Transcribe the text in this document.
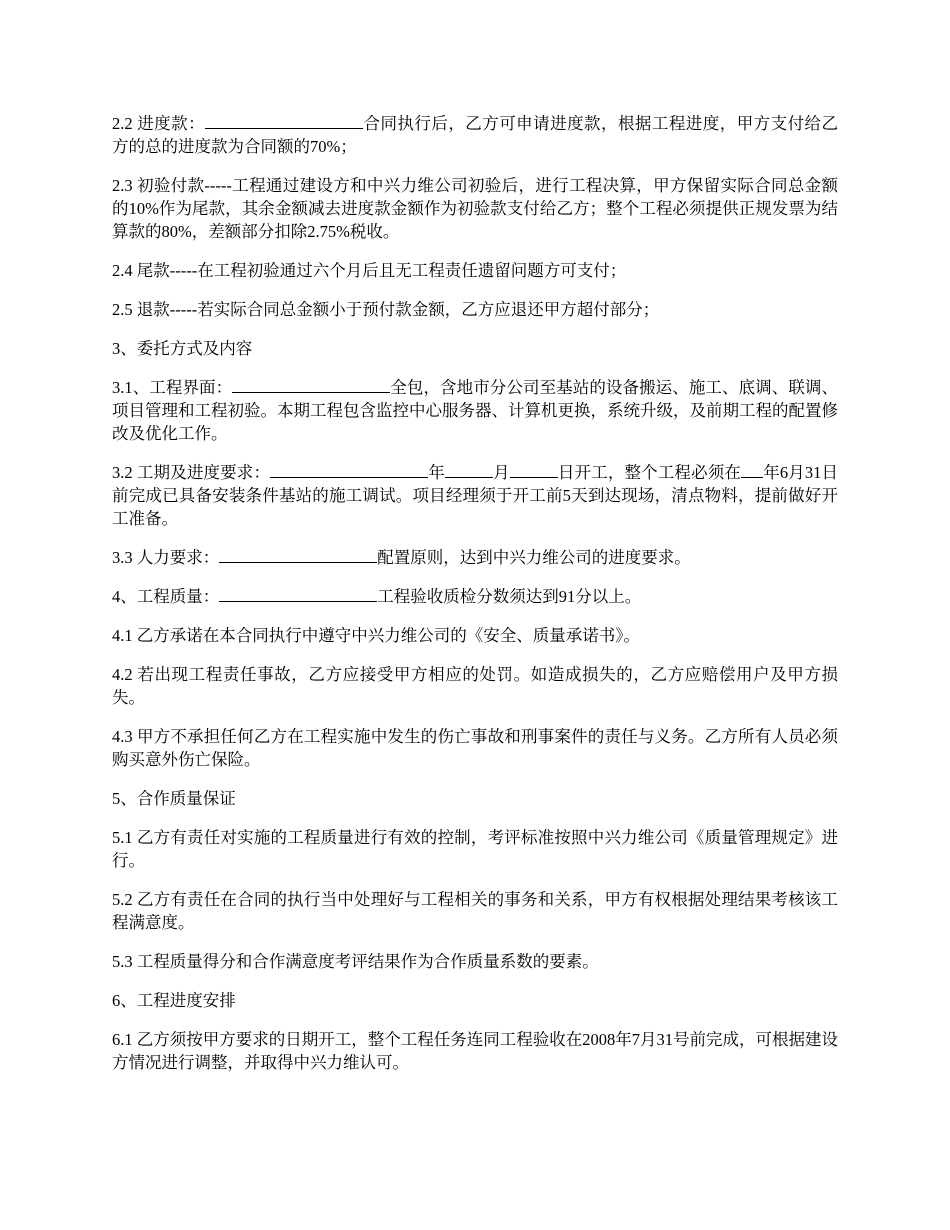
2.2 进度款：	合同执行后，乙方可申请进度款，根据工程进度，甲方支付给乙方的总的进度款为合同额的70%；

2.3 初验付款-----工程通过建设方和中兴力维公司初验后，进行工程决算，甲方保留实际合同总金额的10%作为尾款，其余金额减去进度款金额作为初验款支付给乙方；整个工程必须提供正规发票为结算款的80%，差额部分扣除2.75%税收。

2.4 尾款-----在工程初验通过六个月后且无工程责任遗留问题方可支付；

2.5 退款-----若实际合同总金额小于预付款金额，乙方应退还甲方超付部分；

3、委托方式及内容

3.1、工程界面：	全包，含地市分公司至基站的设备搬运、施工、底调、联调、项目管理和工程初验。本期工程包含监控中心服务器、计算机更换，系统升级，及前期工程的配置修改及优化工作。

3.2 工期及进度要求：	年	月	日开工，整个工程必须在 年6月31日前完成已具备安装条件基站的施工调试。项目经理须于开工前5天到达现场，清点物料，提前做好开工准备。

3.3 人力要求：	配置原则，达到中兴力维公司的进度要求。

4、工程质量：	工程验收质检分数须达到91分以上。

4.1 乙方承诺在本合同执行中遵守中兴力维公司的《安全、质量承诺书》。

4.2 若出现工程责任事故，乙方应接受甲方相应的处罚。如造成损失的，乙方应赔偿用户及甲方损失。

4.3 甲方不承担任何乙方在工程实施中发生的伤亡事故和刑事案件的责任与义务。乙方所有人员必须购买意外伤亡保险。

5、合作质量保证

5.1 乙方有责任对实施的工程质量进行有效的控制，考评标准按照中兴力维公司《质量管理规定》进行。

5.2 乙方有责任在合同的执行当中处理好与工程相关的事务和关系，甲方有权根据处理结果考核该工程满意度。

5.3 工程质量得分和合作满意度考评结果作为合作质量系数的要素。

6、工程进度安排

6.1 乙方须按甲方要求的日期开工，整个工程任务连同工程验收在2008年7月31号前完成，可根据建设方情况进行调整，并取得中兴力维认可。
